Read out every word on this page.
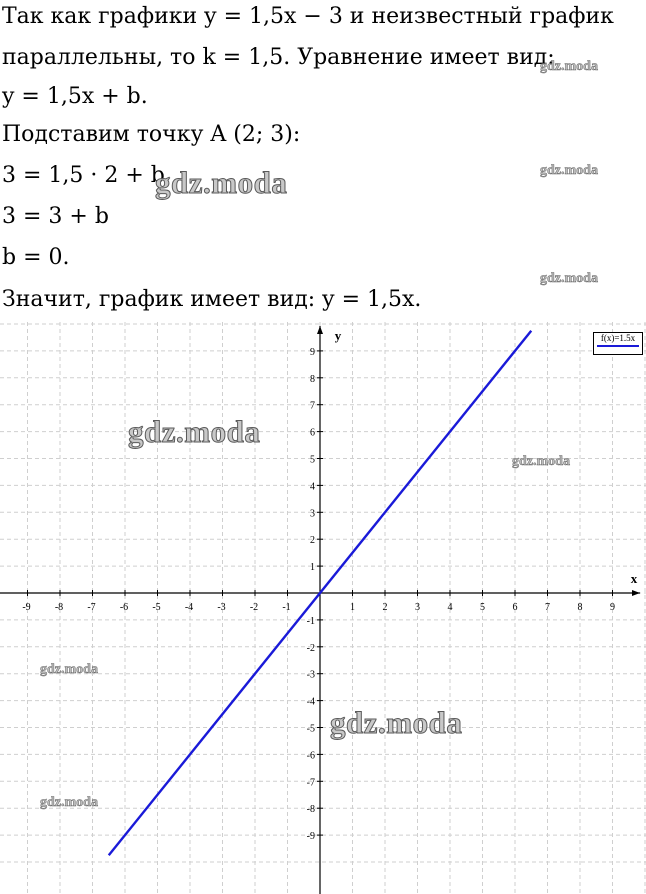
Так как графики y = 1,5x − 3 и неизвестный график
параллельны, то k = 1,5. Уравнение имеет вид:
y = 1,5x + b.
Подставим точку A (2; 3):
3 = 1,5 · 2 + b
3 = 3 + b
b = 0.
Значит, график имеет вид: y = 1,5x.
x
y
-9 -8 -7 -6 -5 -4 -3 -2 -1	1	2	3	4	5	6	7	8	9
9
8
7
6
5
4
3
2
1
-1
-2
-3
-4
-5
-6
-7
-8
-9
f(x)=1.5x
gdz.moda
gdz.moda	gdz.moda
gdz.moda
gdz.moda
gdz.moda
gdz.moda
gdz.moda
gdz.moda
